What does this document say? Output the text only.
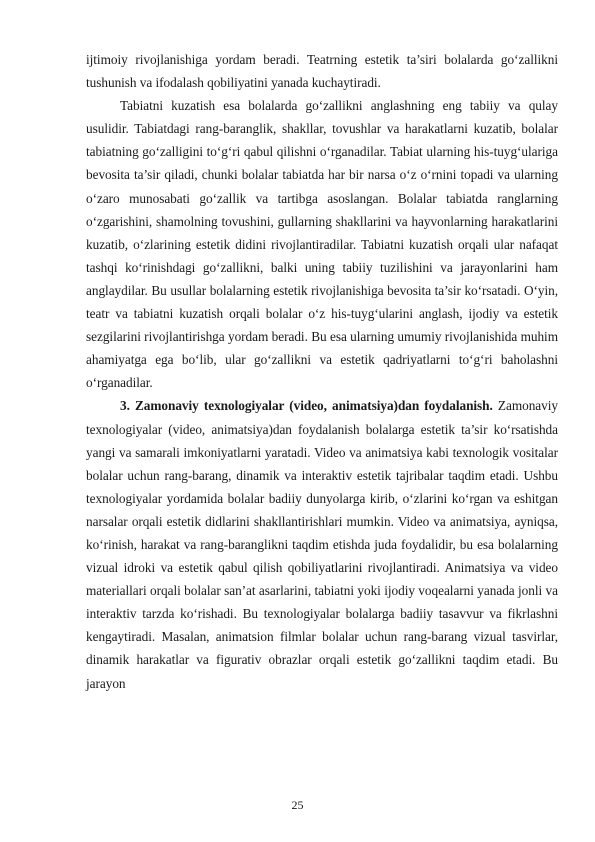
ijtimoiy rivojlanishiga yordam beradi. Teatrning estetik ta’siri bolalarda go‘zallikni tushunish va ifodalash qobiliyatini yanada kuchaytiradi.

Tabiatni kuzatish esa bolalarda go‘zallikni anglashning eng tabiiy va qulay usulidir. Tabiatdagi rang-baranglik, shakllar, tovushlar va harakatlarni kuzatib, bolalar tabiatning go‘zalligini to‘g‘ri qabul qilishni o‘rganadilar. Tabiat ularning his-tuyg‘ulariga bevosita ta’sir qiladi, chunki bolalar tabiatda har bir narsa o‘z o‘rnini topadi va ularning o‘zaro munosabati go‘zallik va tartibga asoslangan. Bolalar tabiatda ranglarning o‘zgarishini, shamolning tovushini, gullarning shakllarini va hayvonlarning harakatlarini kuzatib, o‘zlarining estetik didini rivojlantiradilar. Tabiatni kuzatish orqali ular nafaqat tashqi ko‘rinishdagi go‘zallikni, balki uning tabiiy tuzilishini va jarayonlarini ham anglaydilar. Bu usullar bolalarning estetik rivojlanishiga bevosita ta’sir ko‘rsatadi. O‘yin, teatr va tabiatni kuzatish orqali bolalar o‘z his-tuyg‘ularini anglash, ijodiy va estetik sezgilarini rivojlantirishga yordam beradi. Bu esa ularning umumiy rivojlanishida muhim ahamiyatga ega bo‘lib, ular go‘zallikni va estetik qadriyatlarni to‘g‘ri baholashni o‘rganadilar.

3. Zamonaviy texnologiyalar (video, animatsiya)dan foydalanish. Zamonaviy texnologiyalar (video, animatsiya)dan foydalanish bolalarga estetik ta’sir ko‘rsatishda yangi va samarali imkoniyatlarni yaratadi. Video va animatsiya kabi texnologik vositalar bolalar uchun rang-barang, dinamik va interaktiv estetik tajribalar taqdim etadi. Ushbu texnologiyalar yordamida bolalar badiiy dunyolarga kirib, o‘zlarini ko‘rgan va eshitgan narsalar orqali estetik didlarini shakllantirishlari mumkin. Video va animatsiya, ayniqsa, ko‘rinish, harakat va rang-baranglikni taqdim etishda juda foydalidir, bu esa bolalarning vizual idroki va estetik qabul qilish qobiliyatlarini rivojlantiradi. Animatsiya va video materiallari orqali bolalar san’at asarlarini, tabiatni yoki ijodiy voqealarni yanada jonli va interaktiv tarzda ko‘rishadi. Bu texnologiyalar bolalarga badiiy tasavvur va fikrlashni kengaytiradi. Masalan, animatsion filmlar bolalar uchun rang-barang vizual tasvirlar, dinamik harakatlar va figurativ obrazlar orqali estetik go‘zallikni taqdim etadi. Bu jarayon

25
